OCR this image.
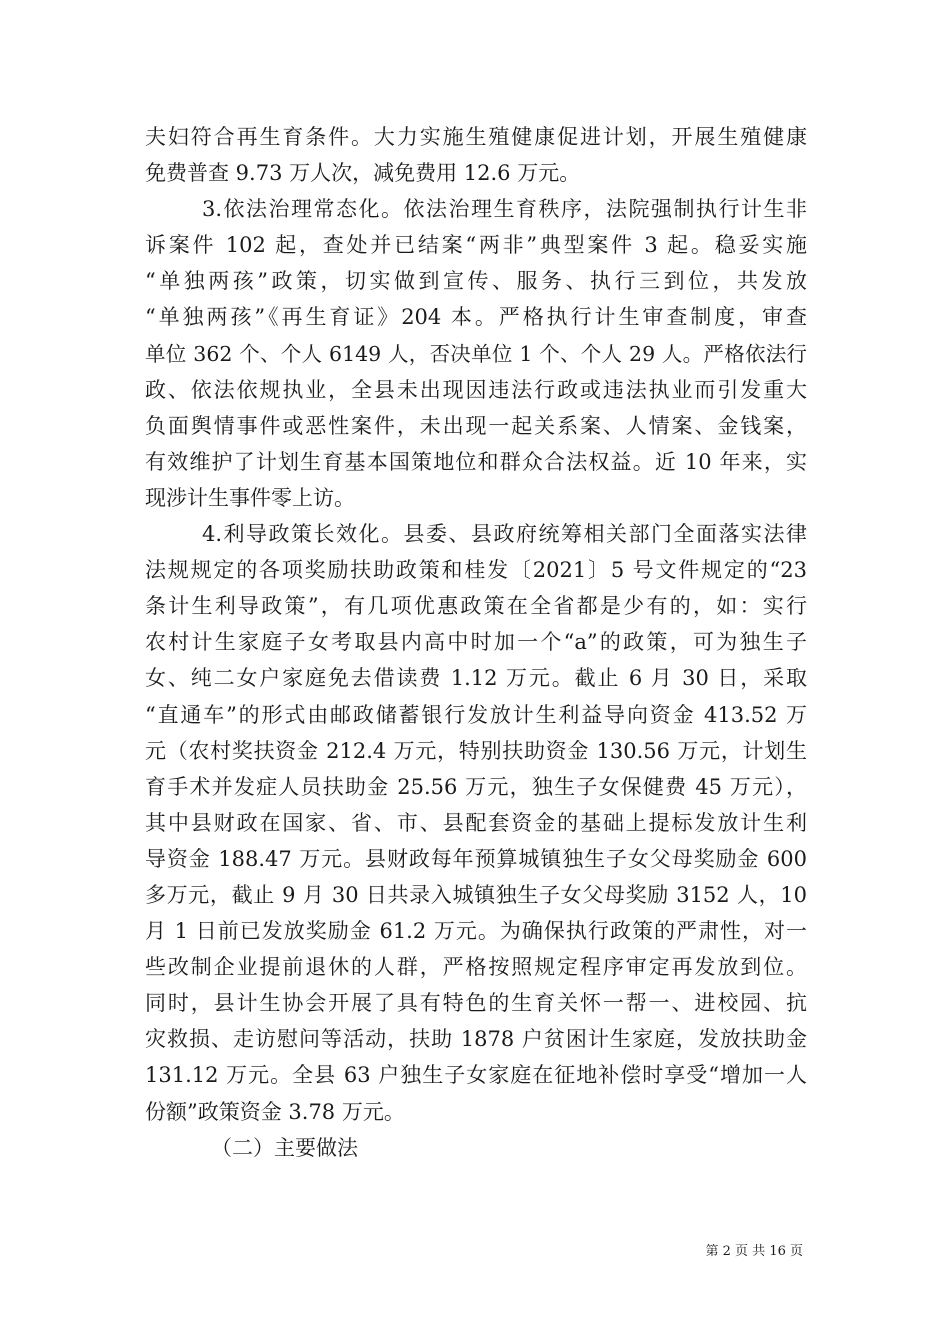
夫妇符合再生育条件。大力实施生殖健康促进计划，开展生殖健康
免费普查 9.73 万人次，减免费用 12.6 万元。
3.依法治理常态化。依法治理生育秩序，法院强制执行计生非
诉案件 102 起，查处并已结案“两非”典型案件 3 起。稳妥实施
“单独两孩”政策，切实做到宣传、服务、执行三到位，共发放
“单独两孩”《再生育证》204 本。严格执行计生审查制度，审查
单位 362 个、个人 6149 人，否决单位 1 个、个人 29 人。严格依法行
政、依法依规执业，全县未出现因违法行政或违法执业而引发重大
负面舆情事件或恶性案件，未出现一起关系案、人情案、金钱案，
有效维护了计划生育基本国策地位和群众合法权益。近 10 年来，实
现涉计生事件零上访。
4.利导政策长效化。县委、县政府统筹相关部门全面落实法律
法规规定的各项奖励扶助政策和桂发〔2021〕5 号文件规定的“23
条计生利导政策”，有几项优惠政策在全省都是少有的，如：实行
农村计生家庭子女考取县内高中时加一个“a”的政策，可为独生子
女、纯二女户家庭免去借读费 1.12 万元。截止 6 月 30 日，采取
“直通车”的形式由邮政储蓄银行发放计生利益导向资金 413.52 万
元（农村奖扶资金 212.4 万元，特别扶助资金 130.56 万元，计划生
育手术并发症人员扶助金 25.56 万元，独生子女保健费 45 万元），
其中县财政在国家、省、市、县配套资金的基础上提标发放计生利
导资金 188.47 万元。县财政每年预算城镇独生子女父母奖励金 600
多万元，截止 9 月 30 日共录入城镇独生子女父母奖励 3152 人，10
月 1 日前已发放奖励金 61.2 万元。为确保执行政策的严肃性，对一
些改制企业提前退休的人群，严格按照规定程序审定再发放到位。
同时，县计生协会开展了具有特色的生育关怀一帮一、进校园、抗
灾救损、走访慰问等活动，扶助 1878 户贫困计生家庭，发放扶助金
131.12 万元。全县 63 户独生子女家庭在征地补偿时享受“增加一人
份额”政策资金 3.78 万元。
（二）主要做法
第 2 页 共 16 页
